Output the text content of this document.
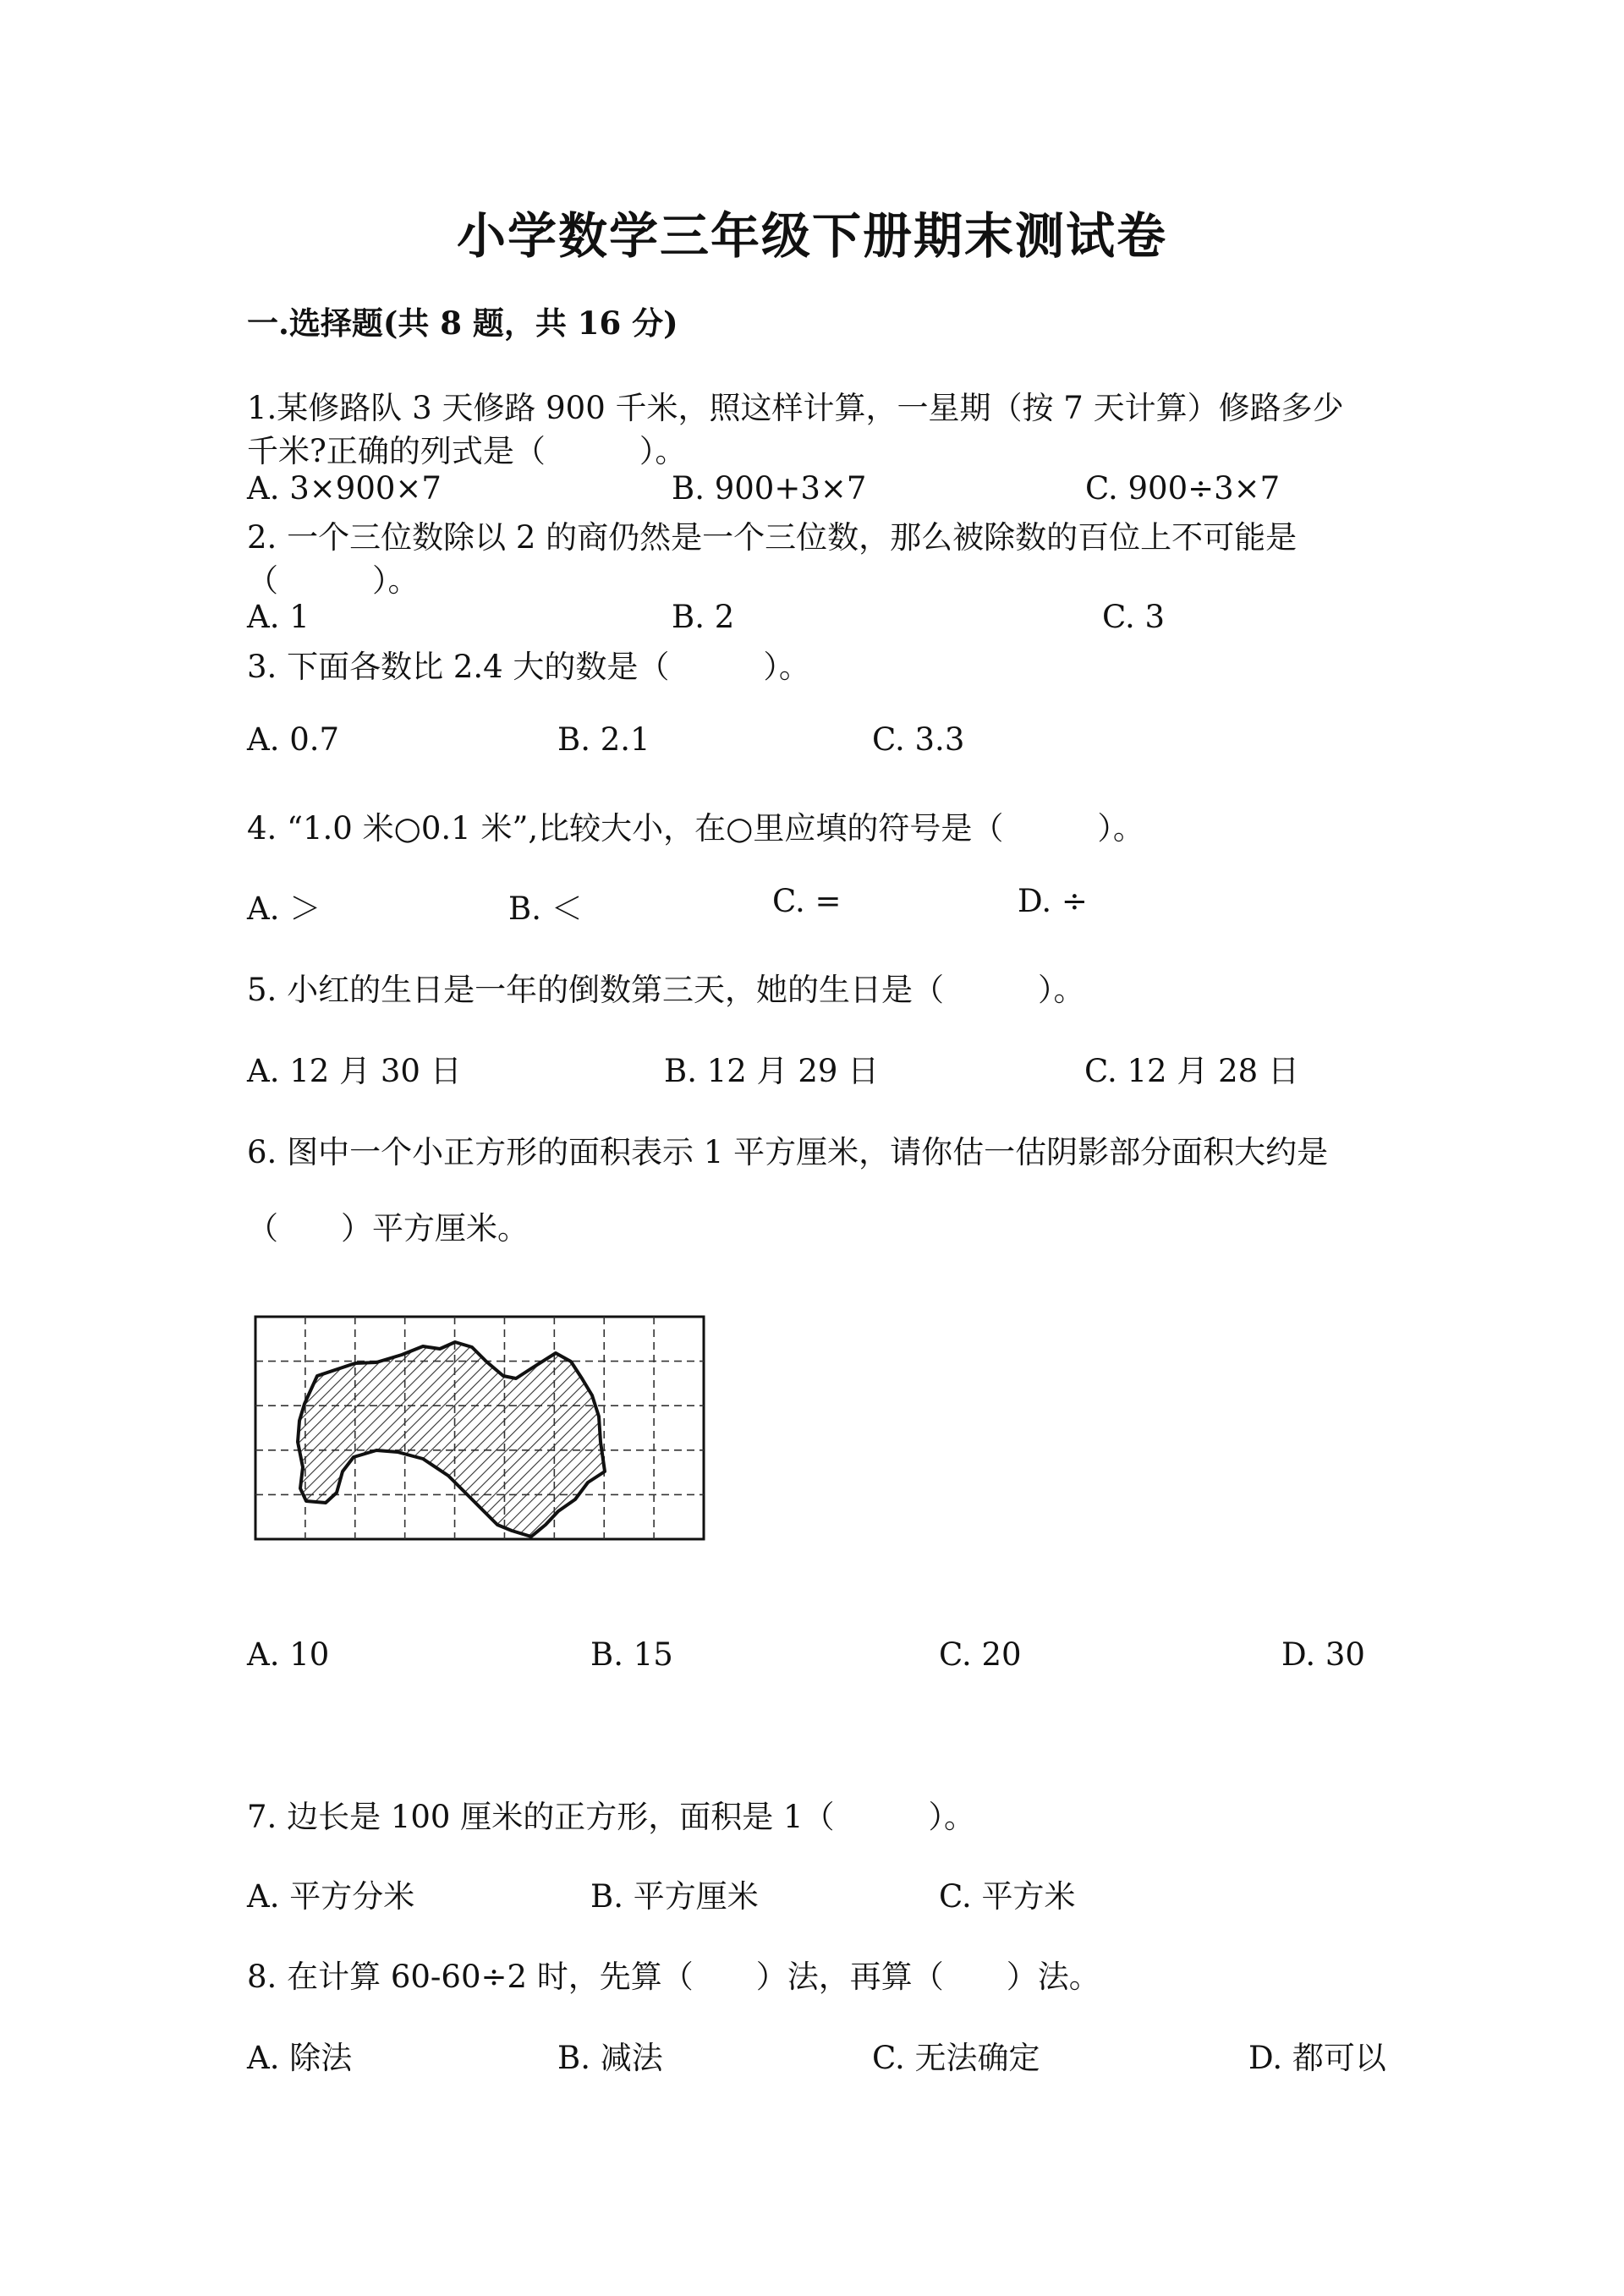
小学数学三年级下册期末测试卷
一.选择题(共 8 题，共 16 分)
1.某修路队 3 天修路 900 千米，照这样计算，一星期（按 7 天计算）修路多少
千米?正确的列式是（　　　）。
A. 3×900×7	B. 900+3×7	C. 900÷3×7
2. 一个三位数除以 2 的商仍然是一个三位数，那么被除数的百位上不可能是
（　　　）。
A. 1	B. 2	C. 3
3. 下面各数比 2.4 大的数是（　　　）。
A. 0.7	B. 2.1	C. 3.3
4. “1.0 米○0.1 米”,比较大小，在○里应填的符号是（　　　）。
A. ＞	B. ＜	C. =	D. ÷
5. 小红的生日是一年的倒数第三天，她的生日是（　　　）。
A. 12 月 30 日	B. 12 月 29 日	C. 12 月 28 日
6. 图中一个小正方形的面积表示 1 平方厘米，请你估一估阴影部分面积大约是
（　　）平方厘米。
A. 10	B. 15	C. 20	D. 30
7. 边长是 100 厘米的正方形，面积是 1（　　　）。
A. 平方分米	B. 平方厘米	C. 平方米
8. 在计算 60-60÷2 时，先算（　　）法，再算（　　）法。
A. 除法	B. 减法	C. 无法确定	D. 都可以
